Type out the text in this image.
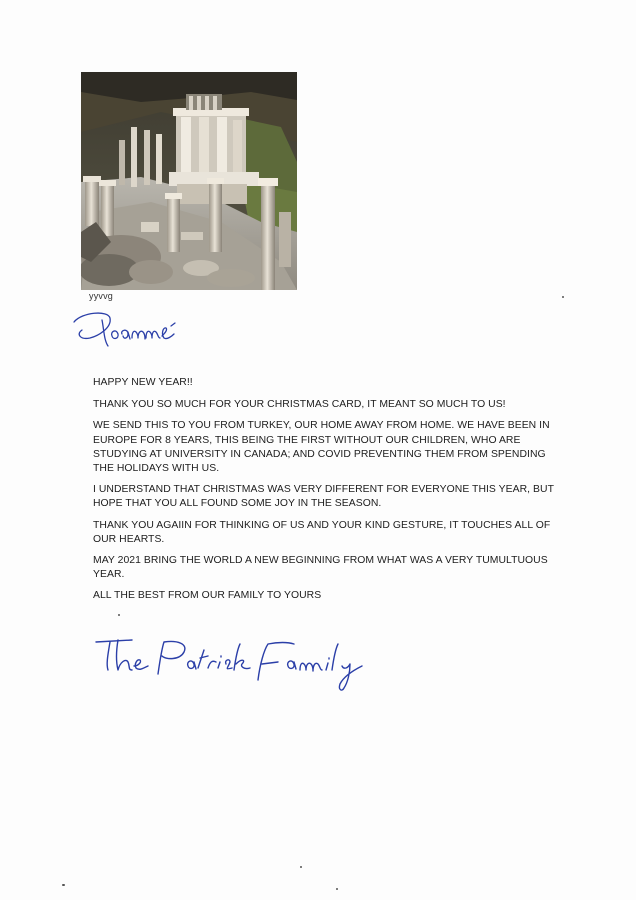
yyvvg

HAPPY NEW YEAR!!

THANK YOU SO MUCH FOR YOUR CHRISTMAS CARD, IT MEANT SO MUCH TO US!

WE SEND THIS TO YOU FROM TURKEY, OUR HOME AWAY FROM HOME. WE HAVE BEEN IN EUROPE FOR 8 YEARS, THIS BEING THE FIRST WITHOUT OUR CHILDREN, WHO ARE STUDYING AT UNIVERSITY IN CANADA; AND COVID PREVENTING THEM FROM SPENDING THE HOLIDAYS WITH US.

I UNDERSTAND THAT CHRISTMAS WAS VERY DIFFERENT FOR EVERYONE THIS YEAR, BUT HOPE THAT YOU ALL FOUND SOME JOY IN THE SEASON.

THANK YOU AGAIIN FOR THINKING OF US AND YOUR KIND GESTURE, IT TOUCHES ALL OF OUR HEARTS.

MAY 2021 BRING THE WORLD A NEW BEGINNING FROM WHAT WAS A VERY TUMULTUOUS YEAR.

ALL THE BEST FROM OUR FAMILY TO YOURS
